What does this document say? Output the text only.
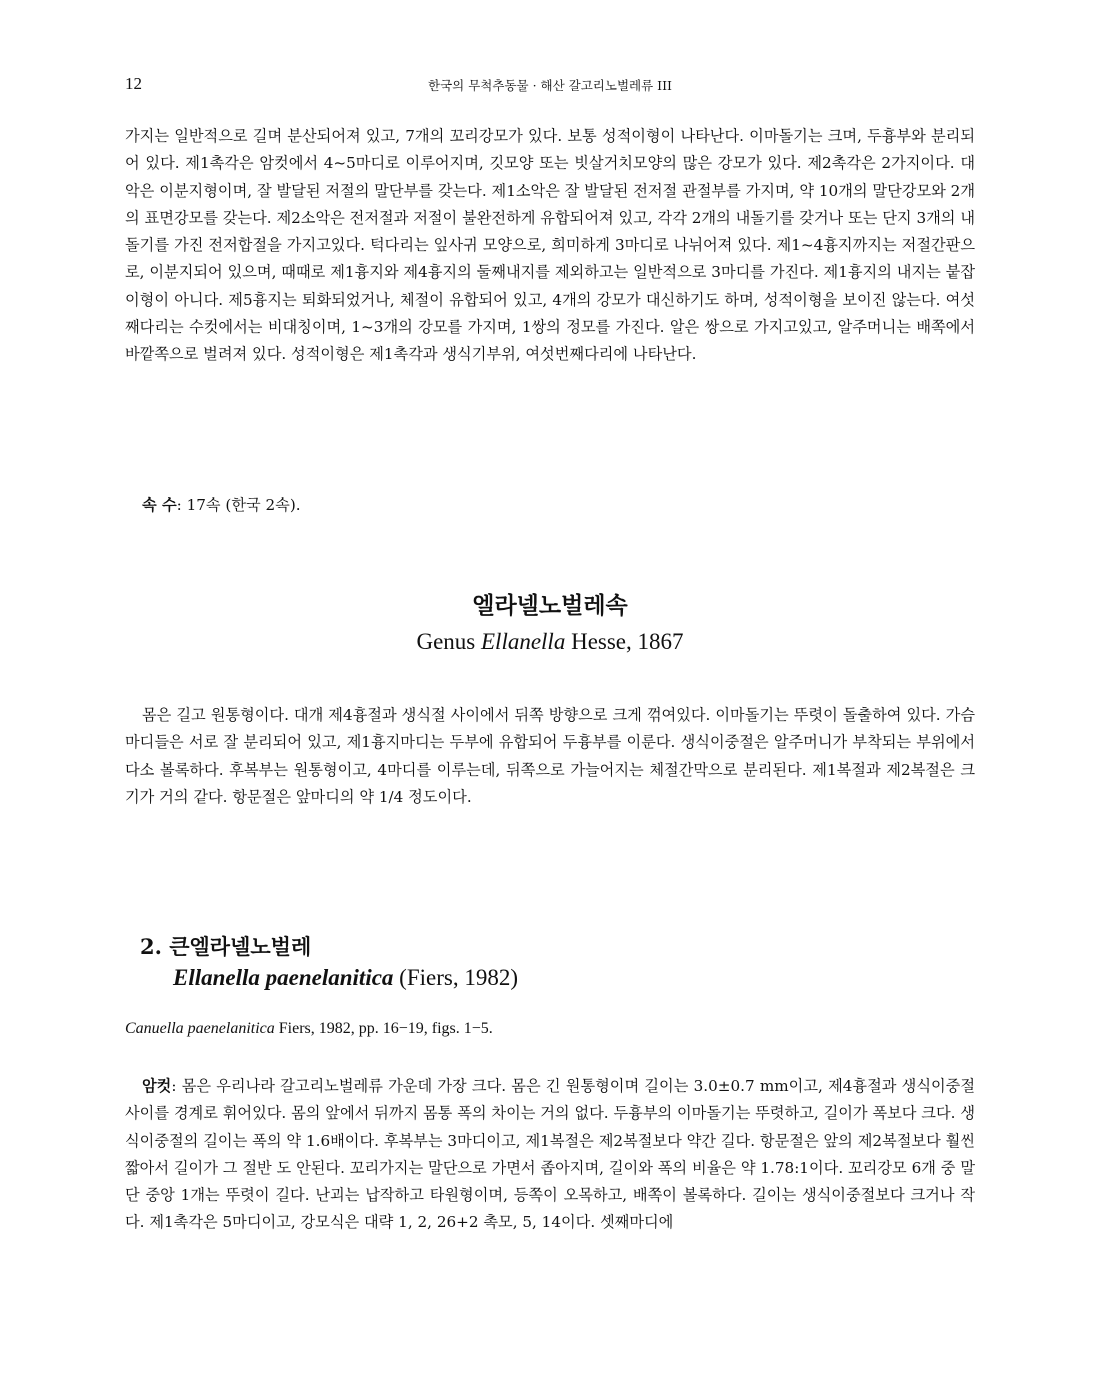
12	한국의 무척추동물 · 해산 갈고리노벌레류 III

가지는 일반적으로 길며 분산되어져 있고, 7개의 꼬리강모가 있다. 보통 성적이형이 나타난다. 이마돌기는 크며, 두흉부와 분리되어 있다. 제1촉각은 암컷에서 4~5마디로 이루어지며, 깃모양 또는 빗살거치모양의 많은 강모가 있다. 제2촉각은 2가지이다. 대악은 이분지형이며, 잘 발달된 저절의 말단부를 갖는다. 제1소악은 잘 발달된 전저절 관절부를 가지며, 약 10개의 말단강모와 2개의 표면강모를 갖는다. 제2소악은 전저절과 저절이 불완전하게 유합되어져 있고, 각각 2개의 내돌기를 갖거나 또는 단지 3개의 내돌기를 가진 전저합절을 가지고있다. 턱다리는 잎사귀 모양으로, 희미하게 3마디로 나뉘어져 있다. 제1~4흉지까지는 저절간판으로, 이분지되어 있으며, 때때로 제1흉지와 제4흉지의 둘째내지를 제외하고는 일반적으로 3마디를 가진다. 제1흉지의 내지는 붙잡이형이 아니다. 제5흉지는 퇴화되었거나, 체절이 유합되어 있고, 4개의 강모가 대신하기도 하며, 성적이형을 보이진 않는다. 여섯째다리는 수컷에서는 비대칭이며, 1~3개의 강모를 가지며, 1쌍의 정모를 가진다. 알은 쌍으로 가지고있고, 알주머니는 배쪽에서 바깥쪽으로 벌려져 있다. 성적이형은 제1촉각과 생식기부위, 여섯번째다리에 나타난다.

속 수: 17속 (한국 2속).
엘라넬노벌레속
Genus Ellanella Hesse, 1867

몸은 길고 원통형이다. 대개 제4흉절과 생식절 사이에서 뒤쪽 방향으로 크게 꺾여있다. 이마돌기는 뚜렷이 돌출하여 있다. 가슴마디들은 서로 잘 분리되어 있고, 제1흉지마디는 두부에 유합되어 두흉부를 이룬다. 생식이중절은 알주머니가 부착되는 부위에서 다소 볼록하다. 후복부는 원통형이고, 4마디를 이루는데, 뒤쪽으로 가늘어지는 체절간막으로 분리된다. 제1복절과 제2복절은 크기가 거의 같다. 항문절은 앞마디의 약 1/4 정도이다.

2. 큰엘라넬노벌레
Ellanella paenelanitica (Fiers, 1982)
Canuella paenelanitica Fiers, 1982, pp. 16−19, figs. 1−5.

암컷: 몸은 우리나라 갈고리노벌레류 가운데 가장 크다. 몸은 긴 원통형이며 길이는 3.0±0.7 mm이고, 제4흉절과 생식이중절 사이를 경계로 휘어있다. 몸의 앞에서 뒤까지 몸통 폭의 차이는 거의 없다. 두흉부의 이마돌기는 뚜렷하고, 길이가 폭보다 크다. 생식이중절의 길이는 폭의 약 1.6배이다. 후복부는 3마디이고, 제1복절은 제2복절보다 약간 길다. 항문절은 앞의 제2복절보다 훨씬 짧아서 길이가 그 절반 도 안된다. 꼬리가지는 말단으로 가면서 좁아지며, 길이와 폭의 비율은 약 1.78:1이다. 꼬리강모 6개 중 말단 중앙 1개는 뚜렷이 길다. 난괴는 납작하고 타원형이며, 등쪽이 오목하고, 배쪽이 볼록하다. 길이는 생식이중절보다 크거나 작다. 제1촉각은 5마디이고, 강모식은 대략 1, 2, 26+2 촉모, 5, 14이다. 셋째마디에
